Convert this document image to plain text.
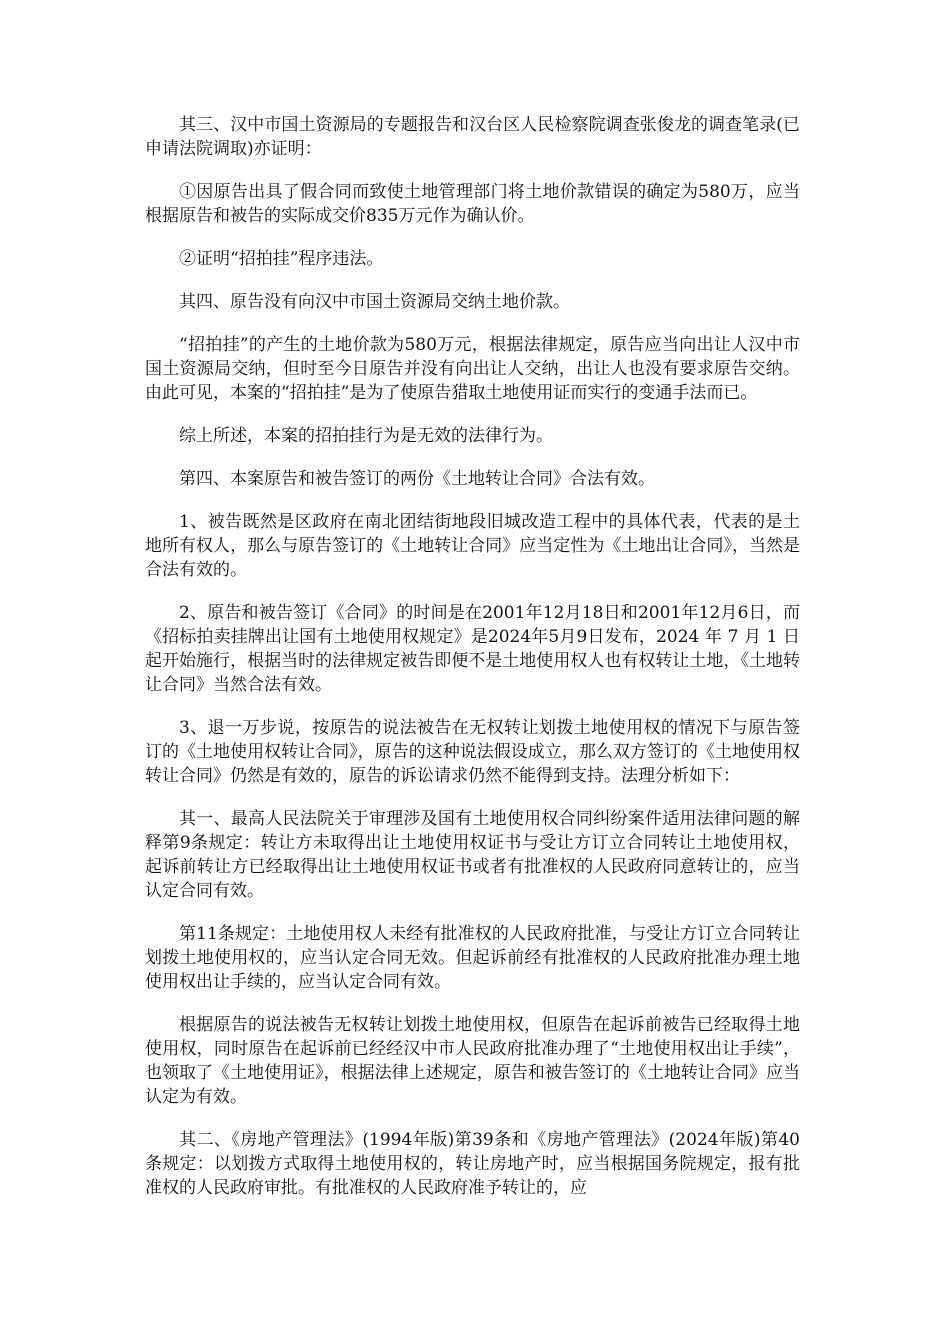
其三、汉中市国土资源局的专题报告和汉台区人民检察院调查张俊龙的调查笔录(已申请法院调取)亦证明：

①因原告出具了假合同而致使土地管理部门将土地价款错误的确定为580万，应当根据原告和被告的实际成交价835万元作为确认价。

②证明“招拍挂”程序违法。

其四、原告没有向汉中市国土资源局交纳土地价款。

“招拍挂”的产生的土地价款为580万元，根据法律规定，原告应当向出让人汉中市国土资源局交纳，但时至今日原告并没有向出让人交纳，出让人也没有要求原告交纳。由此可见，本案的“招拍挂”是为了使原告猎取土地使用证而实行的变通手法而已。

综上所述，本案的招拍挂行为是无效的法律行为。

第四、本案原告和被告签订的两份《土地转让合同》合法有效。

1、被告既然是区政府在南北团结街地段旧城改造工程中的具体代表，代表的是土地所有权人，那么与原告签订的《土地转让合同》应当定性为《土地出让合同》，当然是合法有效的。

2、原告和被告签订《合同》的时间是在2001年12月18日和2001年12月6日，而《招标拍卖挂牌出让国有土地使用权规定》是2024年5月9日发布，2024 年 7 月 1 日起开始施行，根据当时的法律规定被告即便不是土地使用权人也有权转让土地，《土地转让合同》当然合法有效。

3、退一万步说，按原告的说法被告在无权转让划拨土地使用权的情况下与原告签订的《土地使用权转让合同》，原告的这种说法假设成立，那么双方签订的《土地使用权转让合同》仍然是有效的，原告的诉讼请求仍然不能得到支持。法理分析如下：

其一、最高人民法院关于审理涉及国有土地使用权合同纠纷案件适用法律问题的解释第9条规定：转让方未取得出让土地使用权证书与受让方订立合同转让土地使用权，起诉前转让方已经取得出让土地使用权证书或者有批准权的人民政府同意转让的，应当认定合同有效。

第11条规定：土地使用权人未经有批准权的人民政府批准，与受让方订立合同转让划拨土地使用权的，应当认定合同无效。但起诉前经有批准权的人民政府批准办理土地使用权出让手续的，应当认定合同有效。

根据原告的说法被告无权转让划拨土地使用权，但原告在起诉前被告已经取得土地使用权，同时原告在起诉前已经经汉中市人民政府批准办理了“土地使用权出让手续”，也领取了《土地使用证》，根据法律上述规定，原告和被告签订的《土地转让合同》应当认定为有效。

其二、《房地产管理法》(1994年版)第39条和《房地产管理法》(2024年版)第40条规定：以划拨方式取得土地使用权的，转让房地产时，应当根据国务院规定，报有批准权的人民政府审批。有批准权的人民政府准予转让的，应
